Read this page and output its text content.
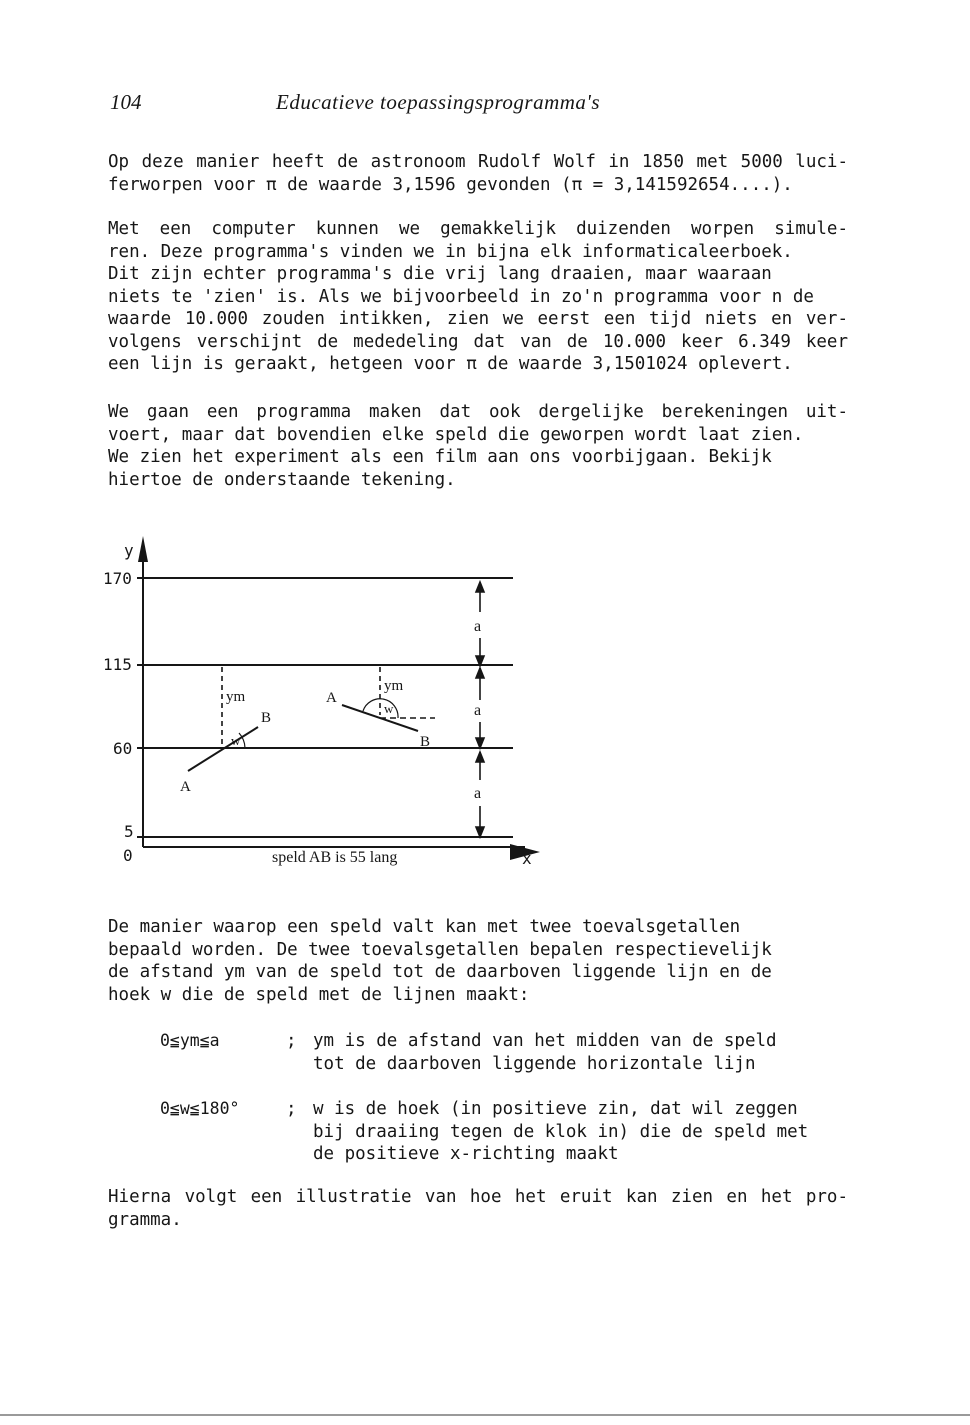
104	Educatieve toepassingsprogramma's
Op deze manier heeft de astronoom Rudolf Wolf in 1850 met 5000 luci-
ferworpen voor π de waarde 3,1596 gevonden (π = 3,141592654....).
Met een computer kunnen we gemakkelijk duizenden worpen simule-
ren. Deze programma's vinden we in bijna elk informaticaleerboek.
Dit zijn echter programma's die vrij lang draaien, maar waaraan
niets te 'zien' is. Als we bijvoorbeeld in zo'n programma voor n de
waarde 10.000 zouden intikken, zien we eerst een tijd niets en ver-
volgens verschijnt de mededeling dat van de 10.000 keer 6.349 keer
een lijn is geraakt, hetgeen voor π de waarde 3,1501024 oplevert.
We gaan een programma maken dat ook dergelijke berekeningen uit-
voert, maar dat bovendien elke speld die geworpen wordt laat zien.
We zien het experiment als een film aan ons voorbijgaan. Bekijk
hiertoe de onderstaande tekening.
y
x
170
115
60
5
0
a
a
a
ym
ym
w
w
A
B
A
B
speld AB is 55 lang
De manier waarop een speld valt kan met twee toevalsgetallen
bepaald worden. De twee toevalsgetallen bepalen respectievelijk
de afstand ym van de speld tot de daarboven liggende lijn en de
hoek w die de speld met de lijnen maakt:
0≦ym≦a	; ym is de afstand van het midden van de speld
tot de daarboven liggende horizontale lijn
0≦w≦180°	; w is de hoek (in positieve zin, dat wil zeggen
bij draaiing tegen de klok in) die de speld met
de positieve x-richting maakt
Hierna volgt een illustratie van hoe het eruit kan zien en het pro-
gramma.
